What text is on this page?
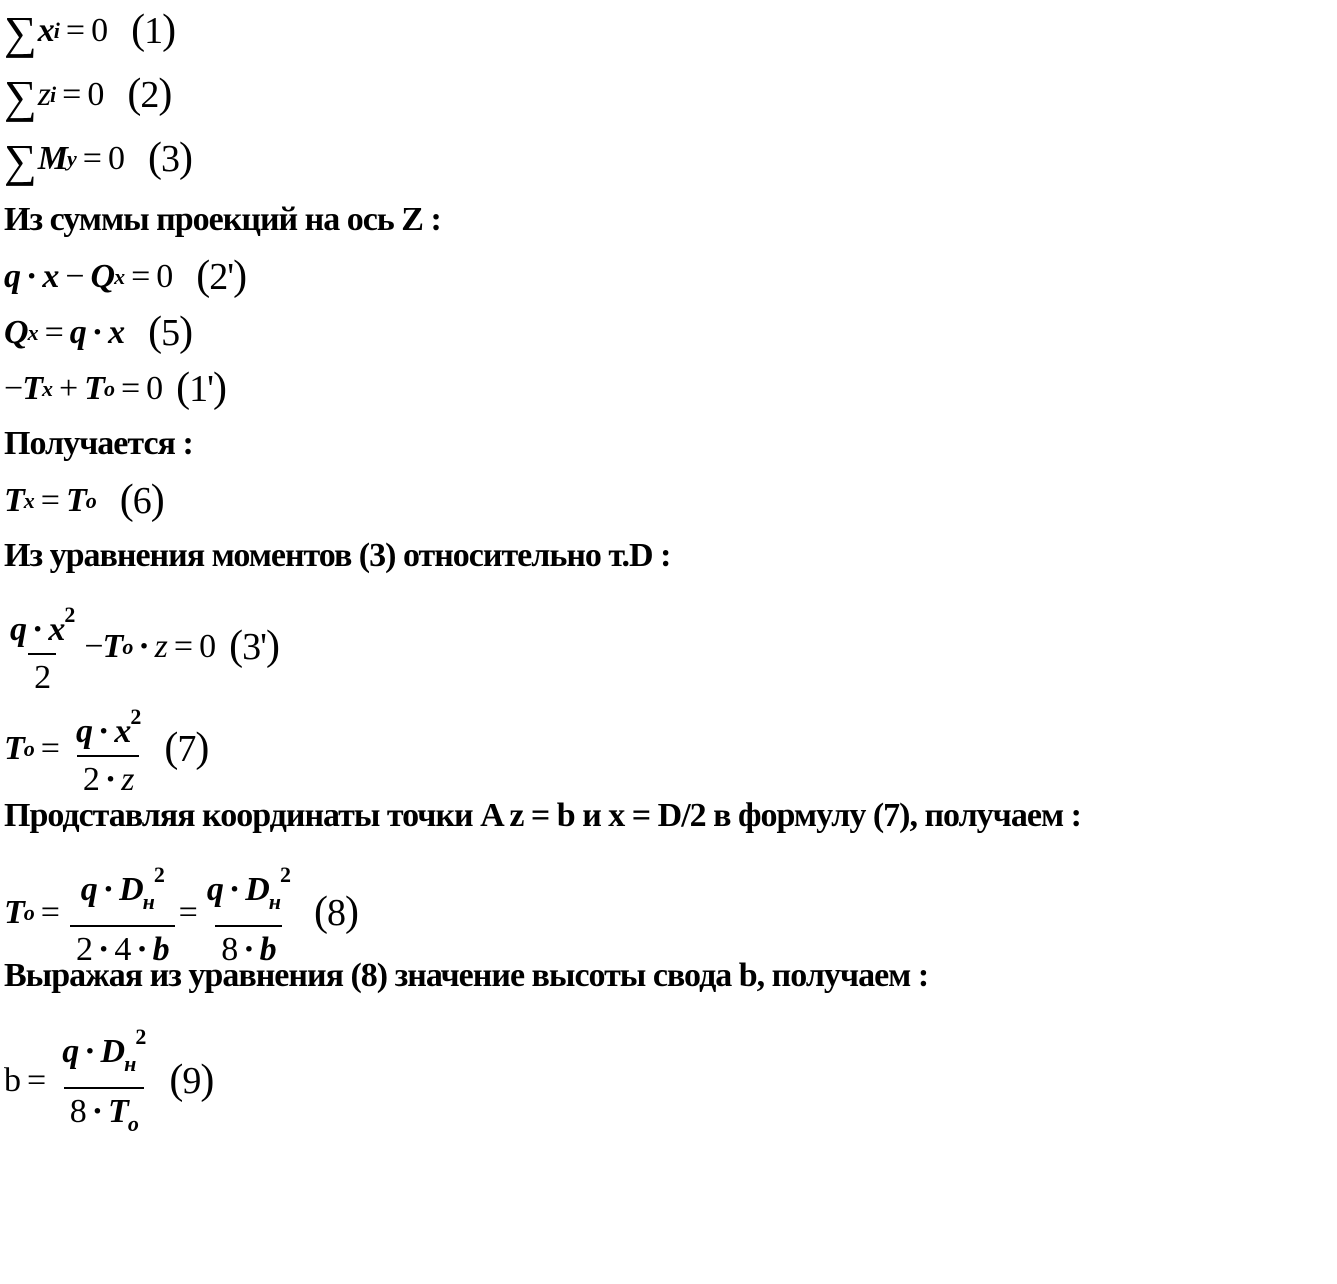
∑ x i = 0 (1)
∑ z i = 0 (2)
∑ M y = 0 (3)
Из суммы проекций на ось Z :
q · x − Q x = 0 (2')
Q x = q · x (5)
− T x + T o = 0 (1')
Получается :
T x = T o (6)
Из уравнения моментов (3) относительно т.D :
$\frac{q \cdot x^2}{2} - T$ o · z = 0 (3')
T $o = \frac{q \cdot x^2}{2 \cdot z} (7)$
Продставляя координаты точки A z = b и x = D/2 в формулу (7), получаем :
T $o = \frac{q \cdot D_н^2}{2 \cdot 4 \cdot b} = \frac{q \cdot D_н^2}{8 \cdot b} (8)$
Выражая из уравнения (8) значение высоты свода b, получаем :
$b = \frac{q \cdot D_н^2}{8 \cdot T_o} (9)$
